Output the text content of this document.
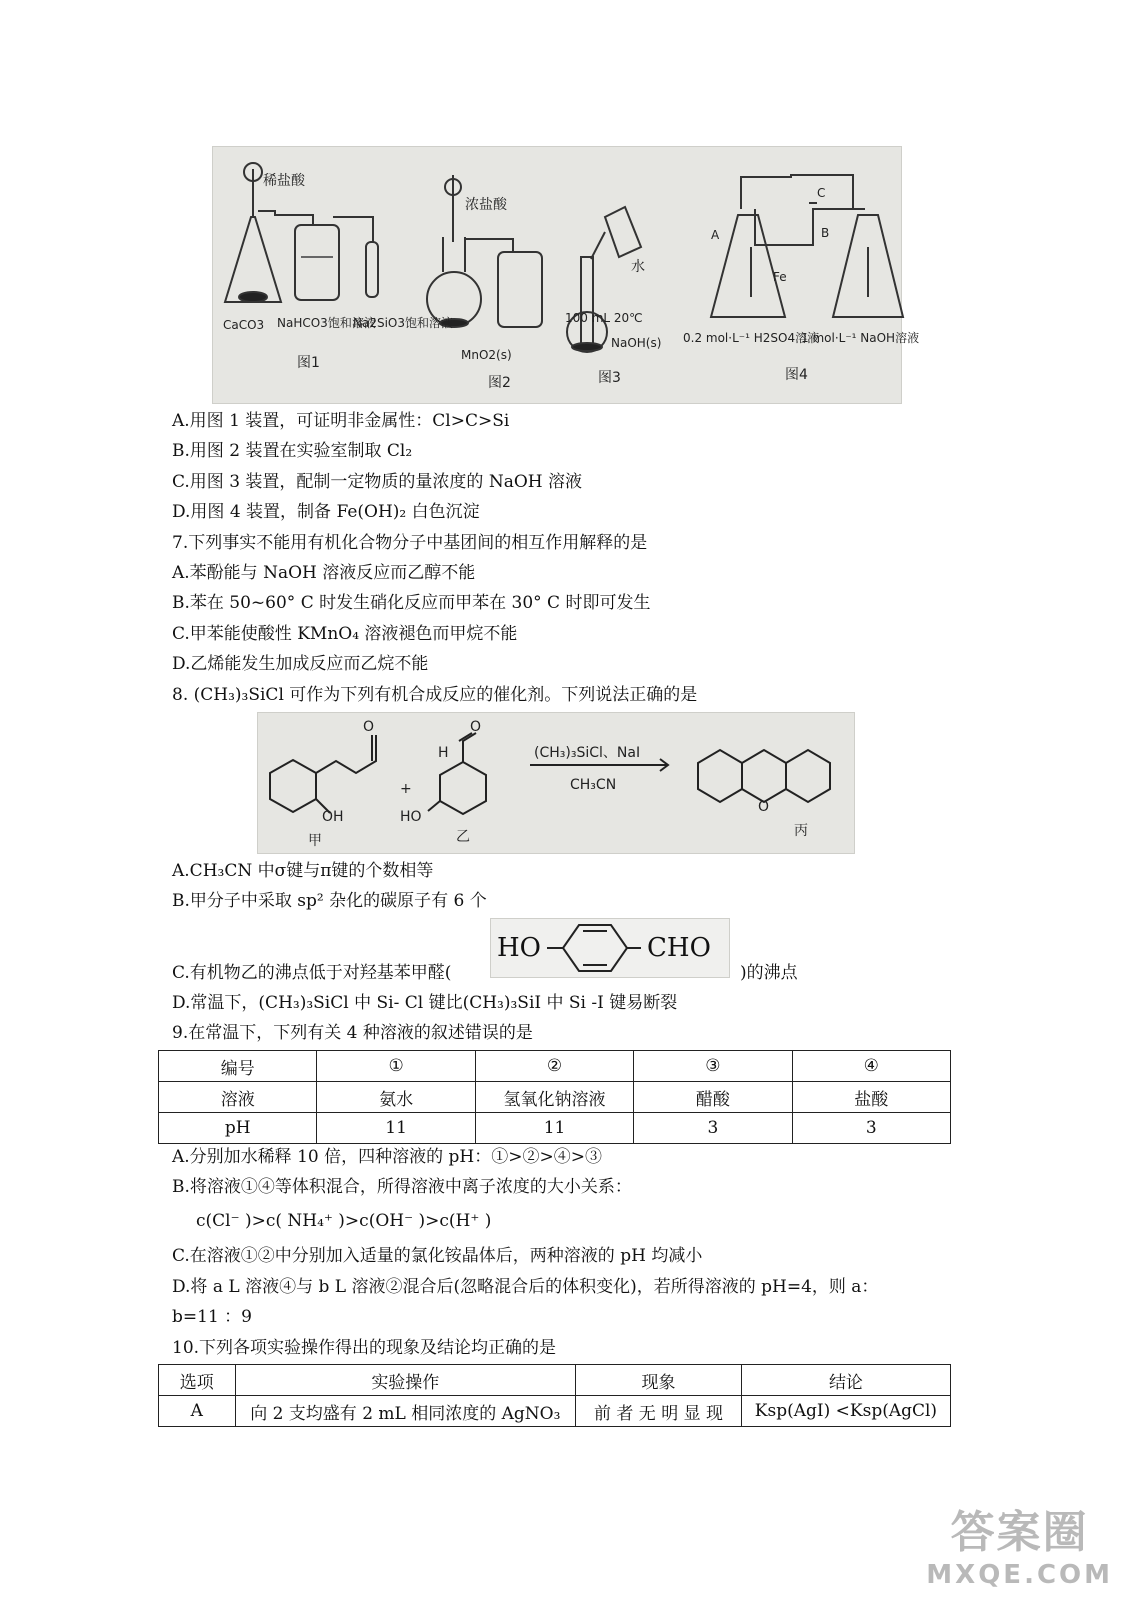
稀盐酸
CaCO3 NaHCO3饱和溶液
Na2SiO3饱和溶液
图1
浓盐酸
MnO2(s)
图2
水
100 mL 20℃
NaOH(s)
图3
A
C
B
Fe
0.2 mol·L⁻¹ H2SO4溶液
1 mol·L⁻¹ NaOH溶液
图4
A.用图 1 装置，可证明非金属性：Cl>C>Si
B.用图 2 装置在实验室制取 Cl₂
C.用图 3 装置，配制一定物质的量浓度的 NaOH 溶液
D.用图 4 装置，制备 Fe(OH)₂ 白色沉淀
7.下列事实不能用有机化合物分子中基团间的相互作用解释的是
A.苯酚能与 NaOH 溶液反应而乙醇不能
B.苯在 50~60° C 时发生硝化反应而甲苯在 30° C 时即可发生
C.甲苯能使酸性 KMnO₄ 溶液褪色而甲烷不能
D.乙烯能发生加成反应而乙烷不能
8. (CH₃)₃SiCl 可作为下列有机合成反应的催化剂。下列说法正确的是
O
OH
甲
+
H
O
HO
乙
(CH₃)₃SiCl、NaI
CH₃CN
O
丙
A.CH₃CN 中σ键与π键的个数相等
B.甲分子中采取 sp² 杂化的碳原子有 6 个
HO	CHO
C.有机物乙的沸点低于对羟基苯甲醛(	)的沸点
D.常温下，(CH₃)₃SiCl 中 Si- Cl 键比(CH₃)₃SiI 中 Si -I 键易断裂
9.在常温下，下列有关 4 种溶液的叙述错误的是
编号	①	②	③	④
溶液	氨水	氢氧化钠溶液	醋酸	盐酸
pH	11	11	3	3
A.分别加水稀释 10 倍，四种溶液的 pH：①>②>④>③
B.将溶液①④等体积混合，所得溶液中离子浓度的大小关系：
c(Cl⁻ )>c( NH₄⁺ )>c(OH⁻ )>c(H⁺ )
C.在溶液①②中分别加入适量的氯化铵晶体后，两种溶液的 pH 均减小
D.将 a L 溶液④与 b L 溶液②混合后(忽略混合后的体积变化)，若所得溶液的 pH=4，则 a：
b=11 ：9
10.下列各项实验操作得出的现象及结论均正确的是
选项	实验操作	现象	结论
A	向 2 支均盛有 2 mL 相同浓度的 AgNO₃	前 者 无 明 显 现	Ksp(AgI) <Ksp(AgCl)
答案圈
MXQE.COM
